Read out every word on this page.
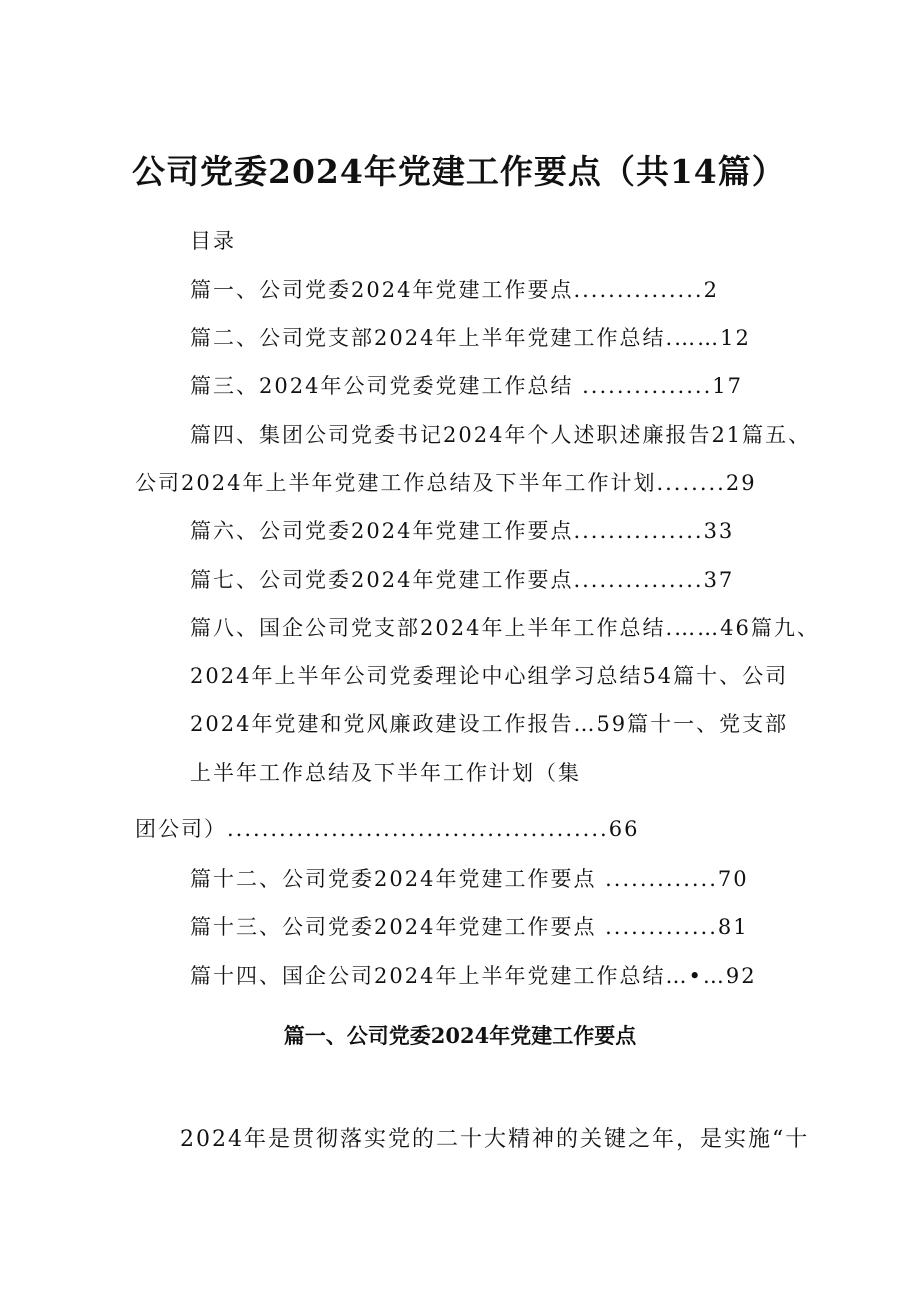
公司党委2024年党建工作要点（共14篇）
目录
篇一、公司党委2024年党建工作要点...............2
篇二、公司党支部2024年上半年党建工作总结.……12
篇三、2024年公司党委党建工作总结 ...............17
篇四、集团公司党委书记2024年个人述职述廉报告21篇五、
公司2024年上半年党建工作总结及下半年工作计划........29
篇六、公司党委2024年党建工作要点...............33
篇七、公司党委2024年党建工作要点...............37
篇八、国企公司党支部2024年上半年工作总结.……46篇九、
2024年上半年公司党委理论中心组学习总结54篇十、公司
2024年党建和党风廉政建设工作报告…59篇十一、党支部
上半年工作总结及下半年工作计划（集
团公司）............................................66
篇十二、公司党委2024年党建工作要点 .............70
篇十三、公司党委2024年党建工作要点 .............81
篇十四、国企公司2024年上半年党建工作总结…•…92
篇一、公司党委2024年党建工作要点
2024年是贯彻落实党的二十大精神的关键之年，是实施“十
